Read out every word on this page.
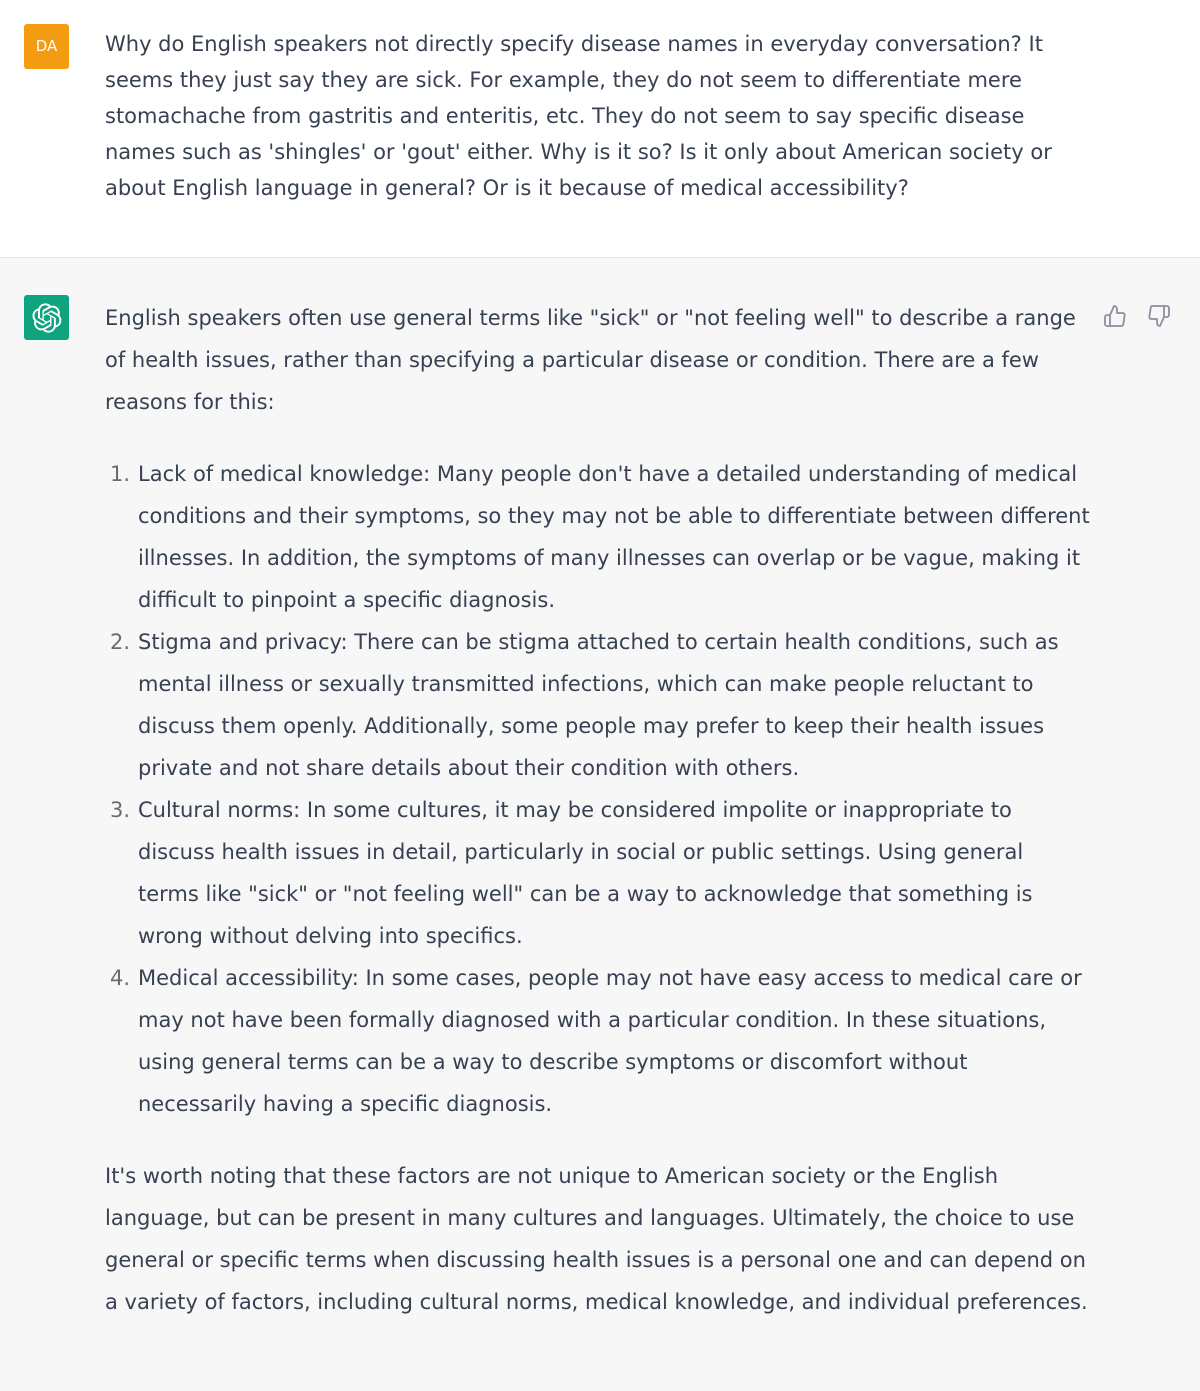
DA	Why do English speakers not directly specify disease names in everyday conversation? It seems they just say they are sick. For example, they do not seem to differentiate mere stomachache from gastritis and enteritis, etc. They do not seem to say specific disease names such as 'shingles' or 'gout' either. Why is it so? Is it only about American society or about English language in general? Or is it because of medical accessibility?

English speakers often use general terms like "sick" or "not feeling well" to describe a range of health issues, rather than specifying a particular disease or condition. There are a few reasons for this:

Lack of medical knowledge: Many people don't have a detailed understanding of medical conditions and their symptoms, so they may not be able to differentiate between different illnesses. In addition, the symptoms of many illnesses can overlap or be vague, making it difficult to pinpoint a specific diagnosis.
Stigma and privacy: There can be stigma attached to certain health conditions, such as mental illness or sexually transmitted infections, which can make people reluctant to discuss them openly. Additionally, some people may prefer to keep their health issues private and not share details about their condition with others.
Cultural norms: In some cultures, it may be considered impolite or inappropriate to discuss health issues in detail, particularly in social or public settings. Using general terms like "sick" or "not feeling well" can be a way to acknowledge that something is wrong without delving into specifics.
Medical accessibility: In some cases, people may not have easy access to medical care or may not have been formally diagnosed with a particular condition. In these situations, using general terms can be a way to describe symptoms or discomfort without necessarily having a specific diagnosis.

It's worth noting that these factors are not unique to American society or the English language, but can be present in many cultures and languages. Ultimately, the choice to use general or specific terms when discussing health issues is a personal one and can depend on a variety of factors, including cultural norms, medical knowledge, and individual preferences.
